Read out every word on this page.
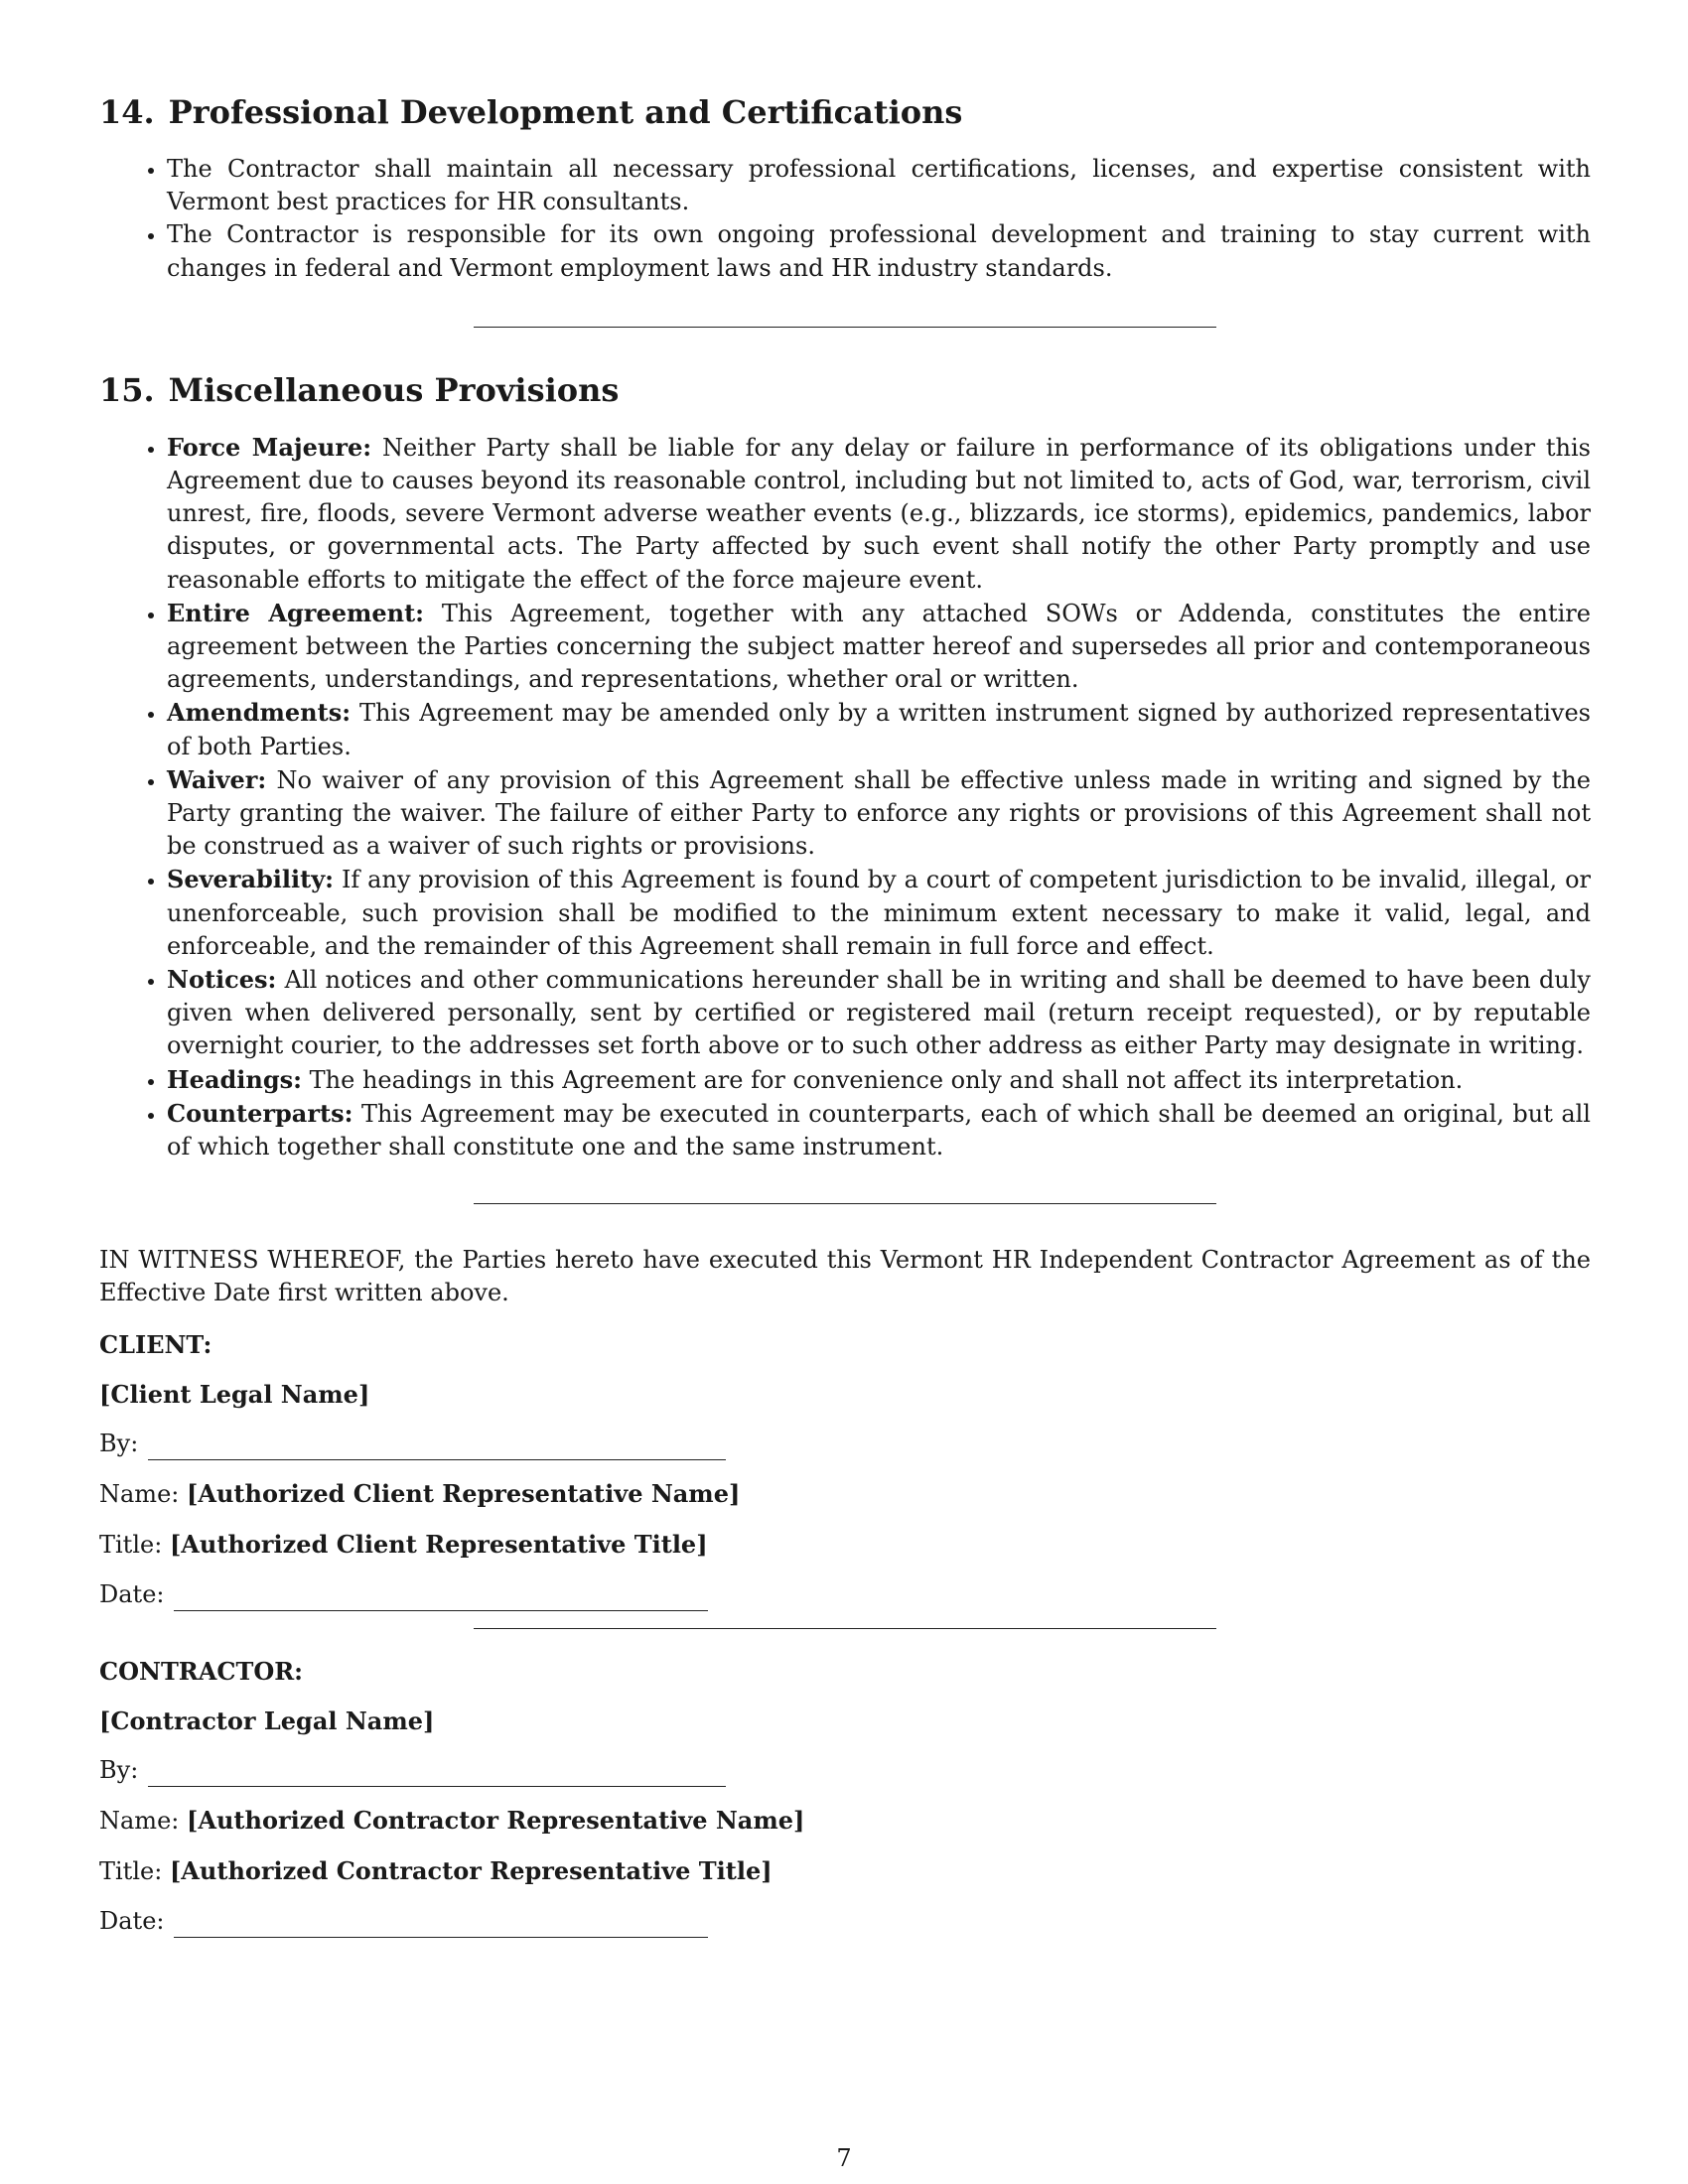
14. Professional Development and Certifications
• The Contractor shall maintain all necessary professional certifications, licenses, and expertise consistent with Vermont best practices for HR consultants.
• The Contractor is responsible for its own ongoing professional development and training to stay current with changes in federal and Vermont employment laws and HR industry standards.
15. Miscellaneous Provisions
• Force Majeure: Neither Party shall be liable for any delay or failure in performance of its obligations under this Agreement due to causes beyond its reasonable control, including but not limited to, acts of God, war, terrorism, civil unrest, fire, floods, severe Vermont adverse weather events (e.g., blizzards, ice storms), epidemics, pandemics, labor disputes, or governmental acts. The Party affected by such event shall notify the other Party promptly and use reasonable efforts to mitigate the effect of the force majeure event.
• Entire Agreement: This Agreement, together with any attached SOWs or Addenda, constitutes the entire agreement between the Parties concerning the subject matter hereof and supersedes all prior and contemporaneous agreements, understandings, and representations, whether oral or written.
• Amendments: This Agreement may be amended only by a written instrument signed by authorized representatives of both Parties.
• Waiver: No waiver of any provision of this Agreement shall be effective unless made in writing and signed by the Party granting the waiver. The failure of either Party to enforce any rights or provisions of this Agreement shall not be construed as a waiver of such rights or provisions.
• Severability: If any provision of this Agreement is found by a court of competent jurisdiction to be invalid, illegal, or unenforceable, such provision shall be modified to the minimum extent necessary to make it valid, legal, and enforceable, and the remainder of this Agreement shall remain in full force and effect.
• Notices: All notices and other communications hereunder shall be in writing and shall be deemed to have been duly given when delivered personally, sent by certified or registered mail (return receipt requested), or by reputable overnight courier, to the addresses set forth above or to such other address as either Party may designate in writing.
• Headings: The headings in this Agreement are for convenience only and shall not affect its interpretation.
• Counterparts: This Agreement may be executed in counterparts, each of which shall be deemed an original, but all of which together shall constitute one and the same instrument.

IN WITNESS WHEREOF, the Parties hereto have executed this Vermont HR Independent Contractor Agreement as of the Effective Date first written above.

CLIENT:

[Client Legal Name]

By:

Name: [Authorized Client Representative Name]

Title: [Authorized Client Representative Title]

Date:

CONTRACTOR:

[Contractor Legal Name]

By:

Name: [Authorized Contractor Representative Name]

Title: [Authorized Contractor Representative Title]

Date:

7
